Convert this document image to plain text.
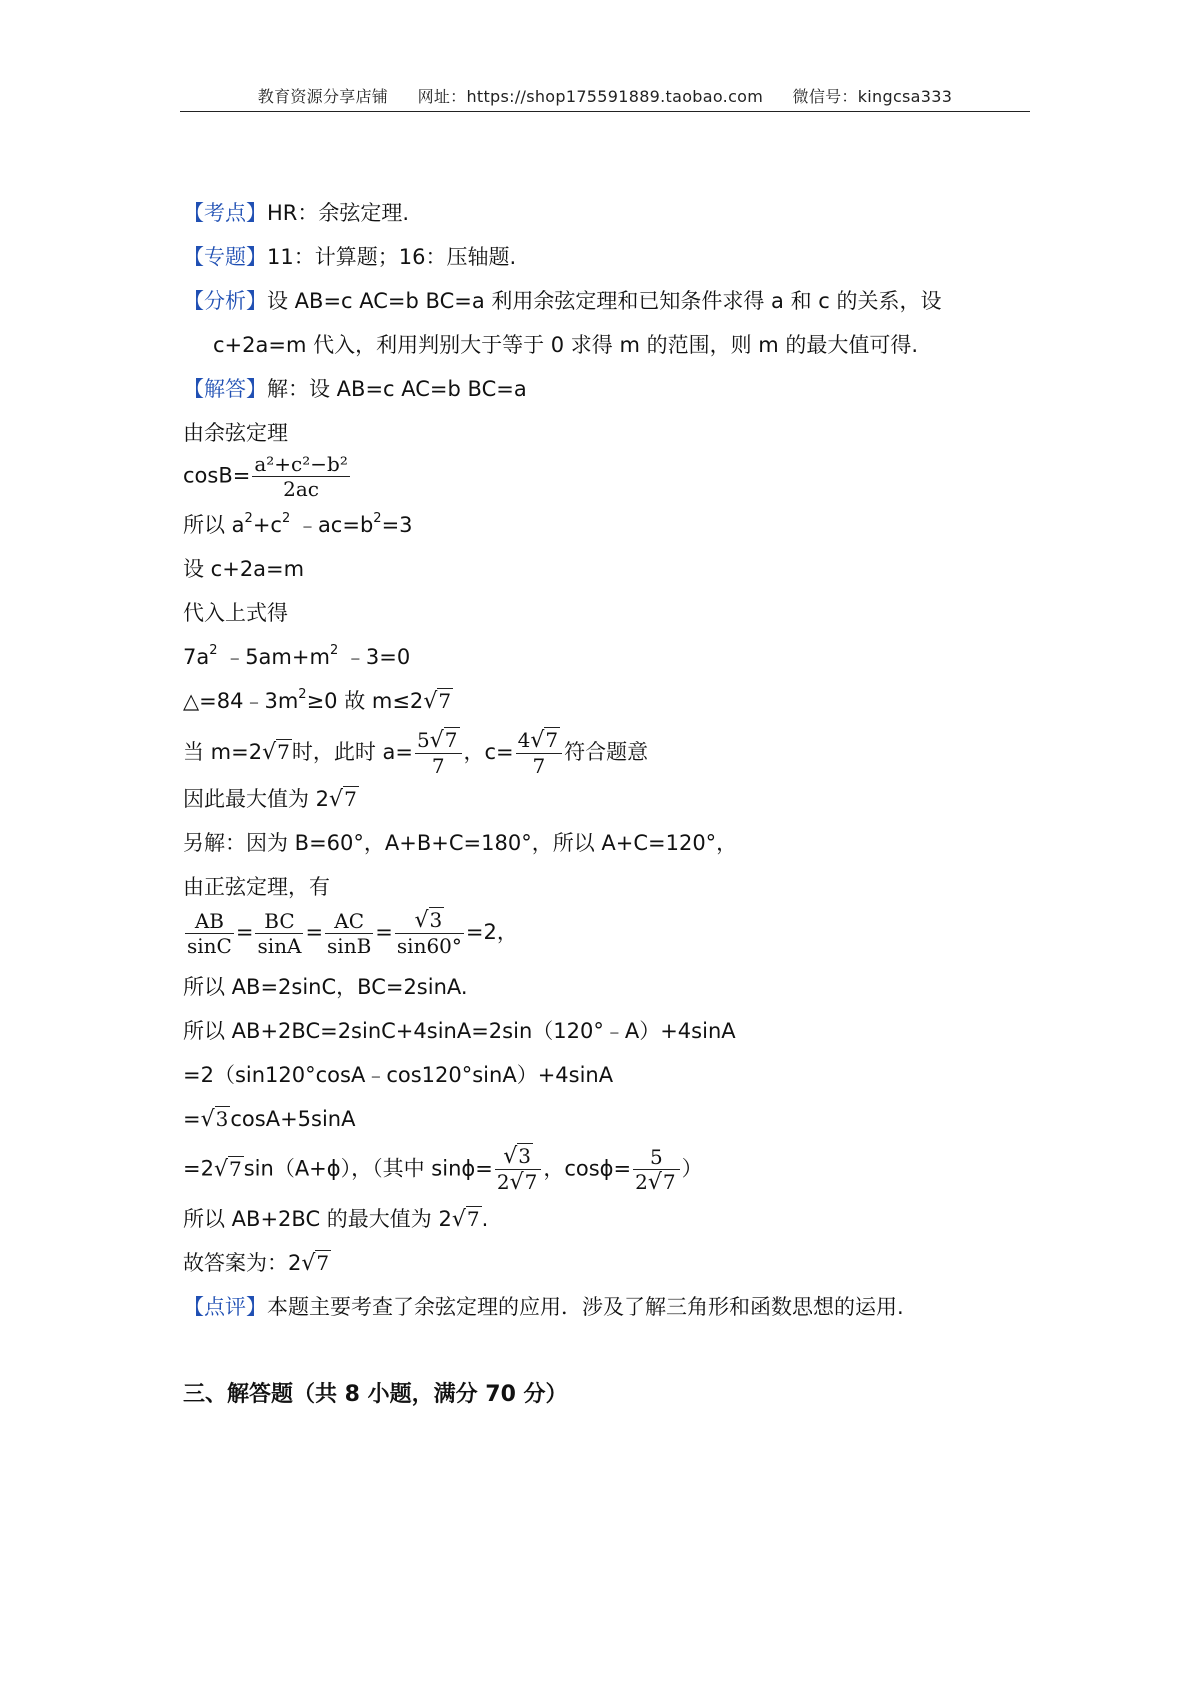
教育资源分享店铺 网址：https://shop175591889.taobao.com 微信号：kingcsa333
【考点】HR：余弦定理.
【专题】11：计算题；16：压轴题.
【分析】设 AB=c AC=b BC=a 利用余弦定理和已知条件求得 a 和 c 的关系，设
c+2a=m 代入，利用判别大于等于 0 求得 m 的范围，则 m 的最大值可得.
【解答】解：设 AB=c AC=b BC=a
由余弦定理
$\cos B= \frac{\text{a²+c²−b²}}{2ac}$
所以 $a^2+c^2$ $﹣ac=b^2=3$
设 c+2a=m
代入上式得
$7a^2$ $﹣5am+m^2$ ﹣3=0
$\triangle=84﹣3m^2\ge 0$ 故 m≤2√7
当 m=2√7时，此时 $a= \frac{5√7}{7}$ ，$c= \frac{4√7}{7}$ 符合题意
因此最大值为 2√7
另解：因为 B=60°，A+B+C=180°，所以 A+C=120°，
由正弦定理，有
$\frac{AB}{\sin C} = \frac{BC}{\sin A} = \frac{AC}{\sin B} = \frac{√3}{\sin 60^\circ} =2$，
所以 AB=2sinC，BC=2sinA.
所以 AB+2BC=2sinC+4sinA=2sin（120°﹣A）+4sinA
=2（sin120°cosA﹣cos120°sinA）+4sinA
=√3cosA+5sinA
=2√7sin（A+ϕ），（其中 $\sin\phi= \frac{√3}{2√7}$ ，$\cos\phi= \frac{5}{2√7}$ ）
所以 AB+2BC 的最大值为 2√7.
故答案为：2√7
【点评】本题主要考查了余弦定理的应用．涉及了解三角形和函数思想的运用.
三、解答题（共 8 小题，满分 70 分）
